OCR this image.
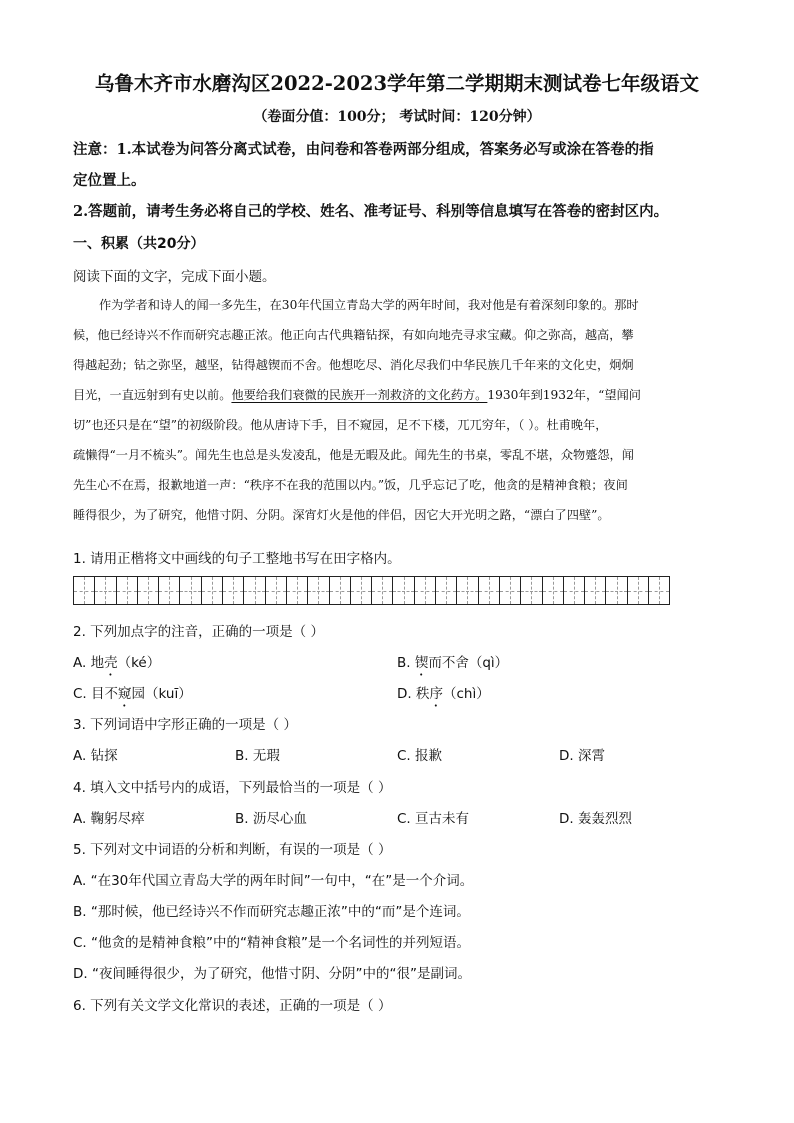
乌鲁木齐市水磨沟区2022-2023学年第二学期期末测试卷七年级语文
（卷面分值：100分； 考试时间：120分钟）
注意：1.本试卷为问答分离式试卷，由问卷和答卷两部分组成，答案务必写或涂在答卷的指
定位置上。
2.答题前，请考生务必将自己的学校、姓名、准考证号、科别等信息填写在答卷的密封区内。
一、积累（共20分）
阅读下面的文字，完成下面小题。
作为学者和诗人的闻一多先生，在30年代国立青岛大学的两年时间，我对他是有着深刻印象的。那时
候，他已经诗兴不作而研究志趣正浓。他正向古代典籍钻探，有如向地壳寻求宝藏。仰之弥高，越高，攀
得越起劲；钻之弥坚，越坚，钻得越锲而不舍。他想吃尽、消化尽我们中华民族几千年来的文化史，炯炯
目光，一直远射到有史以前。他要给我们衰微的民族开一剂救济的文化药方。1930年到1932年，“望闻问
切”也还只是在“望”的初级阶段。他从唐诗下手，目不窥园，足不下楼，兀兀穷年，（ ）。杜甫晚年，
疏懒得“一月不梳头”。闻先生也总是头发凌乱，他是无暇及此。闻先生的书桌，零乱不堪，众物蹙怨，闻
先生心不在焉，报歉地道一声：“秩序不在我的范围以内。”饭，几乎忘记了吃，他贪的是精神食粮；夜间
睡得很少，为了研究，他惜寸阴、分阴。深宵灯火是他的伴侣，因它大开光明之路，“漂白了四壁”。
1. 请用正楷将文中画线的句子工整地书写在田字格内。
2. 下列加点字的注音，正确的一项是（ ）
A. 地壳（ké）	B. 锲而不舍（qì）
C. 目不窥园（kuī）	D. 秩序（chì）
3. 下列词语中字形正确的一项是（ ）
A. 钻探	B. 无瑕	C. 报歉	D. 深霄
4. 填入文中括号内的成语，下列最恰当的一项是（ ）
A. 鞠躬尽瘁	B. 沥尽心血	C. 亘古未有	D. 轰轰烈烈
5. 下列对文中词语的分析和判断，有误的一项是（ ）
A. “在30年代国立青岛大学的两年时间”一句中，“在”是一个介词。
B. “那时候，他已经诗兴不作而研究志趣正浓”中的“而”是个连词。
C. “他贪的是精神食粮”中的“精神食粮”是一个名词性的并列短语。
D. “夜间睡得很少，为了研究，他惜寸阴、分阴”中的“很”是副词。
6. 下列有关文学文化常识的表述，正确的一项是（ ）
